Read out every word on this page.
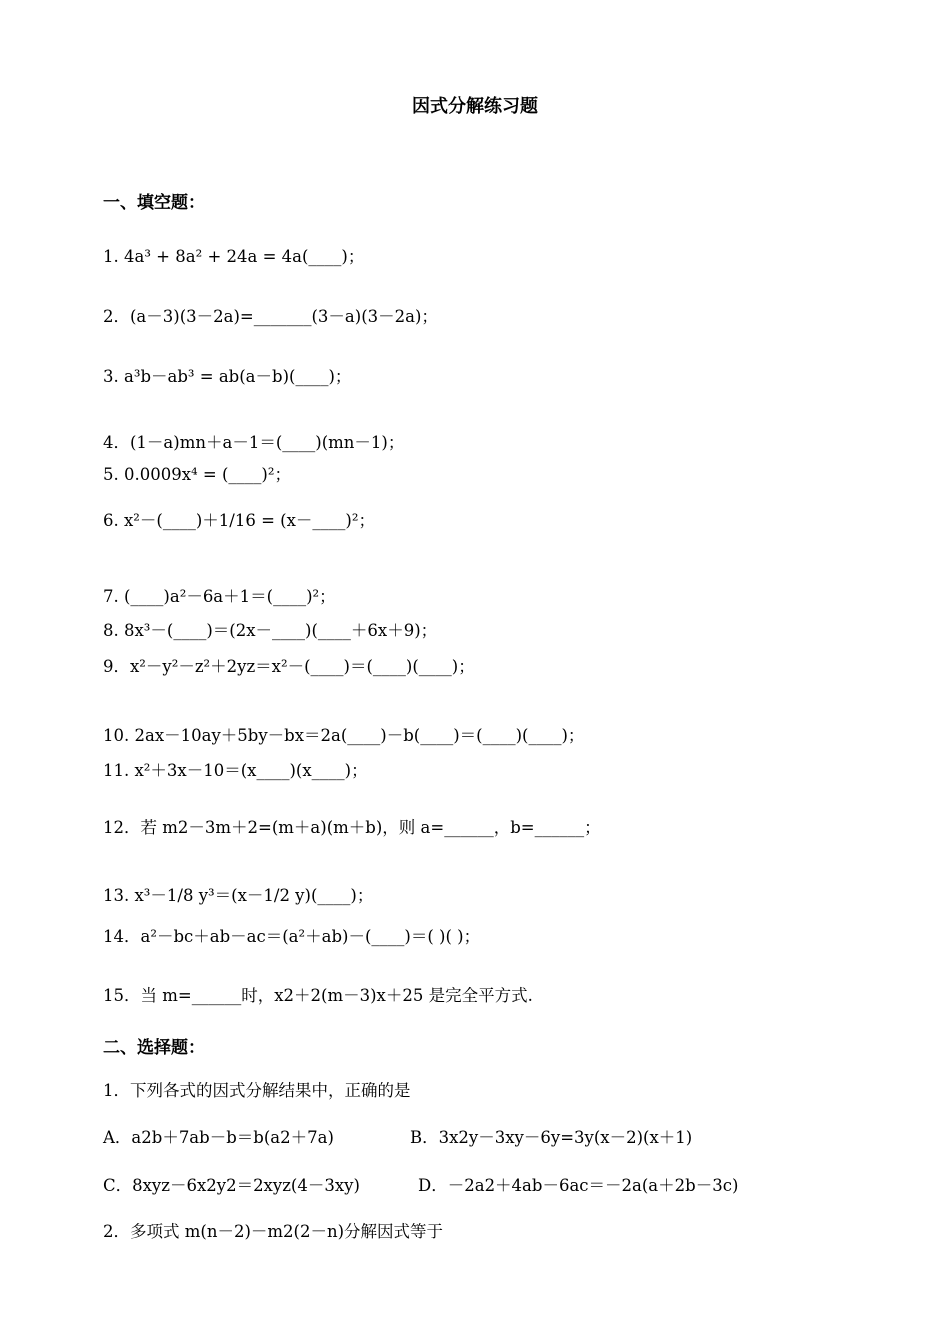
因式分解练习题
一、填空题：
1. 4a³ + 8a² + 24a = 4a(____)；
2．(a－3)(3－2a)=_______(3－a)(3－2a)；
3. a³b－ab³ = ab(a－b)(____)；
4．(1－a)mn＋a－1＝(____)(mn－1)；
5. 0.0009x⁴ = (____)²；
6. x²－(____)＋1/16 = (x－____)²；
7. (____)a²－6a＋1＝(____)²；
8. 8x³－(____)＝(2x－____)(____＋6x＋9)；
9．x²－y²－z²＋2yz＝x²－(____)＝(____)(____)；
10. 2ax－10ay＋5by－bx＝2a(____)－b(____)＝(____)(____)；
11. x²＋3x－10＝(x____)(x____)；
12．若 m2－3m＋2=(m＋a)(m＋b)，则 a=______，b=______；
13. x³－1/8 y³＝(x－1/2 y)(____)；
14．a²－bc＋ab－ac＝(a²＋ab)－(____)＝( )( )；
15．当 m=______时，x2＋2(m－3)x＋25 是完全平方式.
二、选择题：
1．下列各式的因式分解结果中，正确的是
A．a2b＋7ab－b＝b(a2＋7a)	B．3x2y－3xy－6y=3y(x－2)(x＋1)
C．8xyz－6x2y2＝2xyz(4－3xy)	D．－2a2＋4ab－6ac＝－2a(a＋2b－3c)
2．多项式 m(n－2)－m2(2－n)分解因式等于
